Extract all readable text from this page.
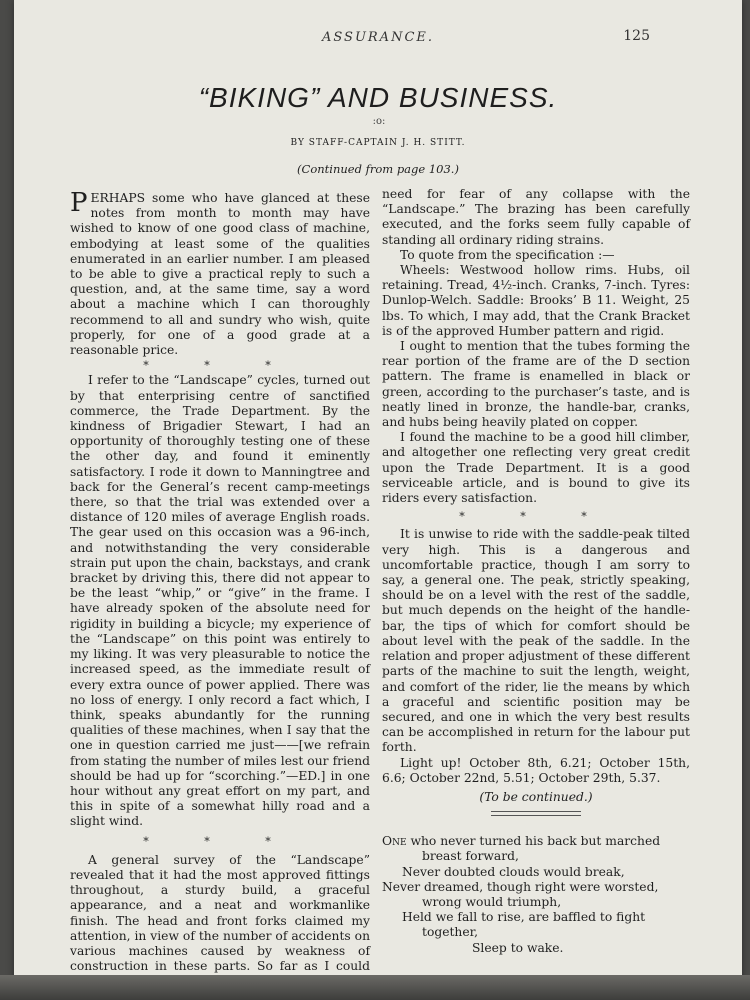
ASSURANCE.	125
“BIKING” AND BUSINESS.
:o:
BY STAFF-CAPTAIN J. H. STITT.
(Continued from page 103.)

PERHAPS some who have glanced at these notes from month to month may have wished to know of one good class of machine, embodying at least some of the qualities enumerated in an earlier number. I am pleased to be able to give a practical reply to such a question, and, at the same time, say a word about a machine which I can thoroughly recommend to all and sundry who wish, quite properly, for one of a good grade at a reasonable price.

* * *

I refer to the “Landscape” cycles, turned out by that enterprising centre of sanctified commerce, the Trade Department. By the kindness of Brigadier Stewart, I had an opportunity of thoroughly testing one of these the other day, and found it eminently satisfactory. I rode it down to Manningtree and back for the General’s recent camp-meetings there, so that the trial was extended over a distance of 120 miles of average English roads. The gear used on this occasion was a 96-inch, and notwithstanding the very considerable strain put upon the chain, backstays, and crank bracket by driving this, there did not appear to be the least “whip,” or “give” in the frame. I have already spoken of the absolute need for rigidity in building a bicycle; my experience of the “Landscape” on this point was entirely to my liking. It was very pleasurable to notice the increased speed, as the immediate result of every extra ounce of power applied. There was no loss of energy. I only record a fact which, I think, speaks abundantly for the running qualities of these machines, when I say that the one in question carried me just——[we refrain from stating the number of miles lest our friend should be had up for “scorching.”—ED.] in one hour without any great effort on my part, and this in spite of a somewhat hilly road and a slight wind.

* * *

A general survey of the “Landscape” revealed that it had the most approved fittings throughout, a sturdy build, a graceful appearance, and a neat and workmanlike finish. The head and front forks claimed my attention, in view of the number of accidents on various machines caused by weakness of construction in these parts. So far as I could

need for fear of any collapse with the “Landscape.” The brazing has been carefully executed, and the forks seem fully capable of standing all ordinary riding strains.

To quote from the specification :—

Wheels: Westwood hollow rims. Hubs, oil retaining. Tread, 4½-inch. Cranks, 7-inch. Tyres: Dunlop-Welch. Saddle: Brooks’ B 11. Weight, 25 lbs. To which, I may add, that the Crank Bracket is of the approved Humber pattern and rigid.

I ought to mention that the tubes forming the rear portion of the frame are of the D section pattern. The frame is enamelled in black or green, according to the purchaser’s taste, and is neatly lined in bronze, the handle-bar, cranks, and hubs being heavily plated on copper.

I found the machine to be a good hill climber, and altogether one reflecting very great credit upon the Trade Department. It is a good serviceable article, and is bound to give its riders every satisfaction.

* * *

It is unwise to ride with the saddle-peak tilted very high. This is a dangerous and uncomfortable practice, though I am sorry to say, a general one. The peak, strictly speaking, should be on a level with the rest of the saddle, but much depends on the height of the handle-bar, the tips of which for comfort should be about level with the peak of the saddle. In the relation and proper adjustment of these different parts of the machine to suit the length, weight, and comfort of the rider, lie the means by which a graceful and scientific position may be secured, and one in which the very best results can be accomplished in return for the labour put forth.

Light up! October 8th, 6.21; October 15th, 6.6; October 22nd, 5.51; October 29th, 5.37.

(To be continued.)

One who never turned his back but marched

breast forward,

Never doubted clouds would break,

Never dreamed, though right were worsted,

wrong would triumph,

Held we fall to rise, are baffled to fight

together,

Sleep to wake.
